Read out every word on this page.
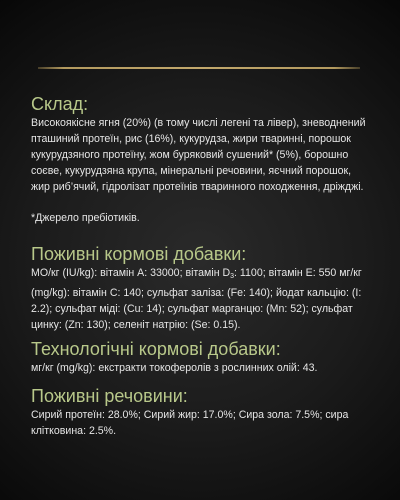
Склад:

Високоякісне ягня (20%) (в тому числі легені та лівер), зневоднений пташиний протеїн, рис (16%), кукурудза, жири тваринні, порошок кукурудзяного протеїну, жом буряковий сушений* (5%), борошно соєве, кукурудзяна крупа, мінеральні речовини, яєчний порошок, жир риб’ячий, гідролізат протеїнів тваринного походження, дріжджі.

*Джерело пребіотиків.

Поживні кормові добавки:

МО/кг (IU/kg): вітамін A: 33000; вітамін $D_3$: 1100; вітамін E: 550 мг/кг (mg/kg): вітамін C: 140; сульфат заліза: (Fe: 140); йодат кальцію: (I: 2.2); сульфат міді: (Cu: 14); сульфат марганцю: (Mn: 52); сульфат цинку: (Zn: 130); селеніт натрію: (Se: 0.15).

Технологічні кормові добавки:

мг/кг (mg/kg): екстракти токоферолів з рослинних олій: 43.

Поживні речовини:

Сирий протеїн: 28.0%; Сирий жир: 17.0%; Сира зола: 7.5%; сира клітковина: 2.5%.
